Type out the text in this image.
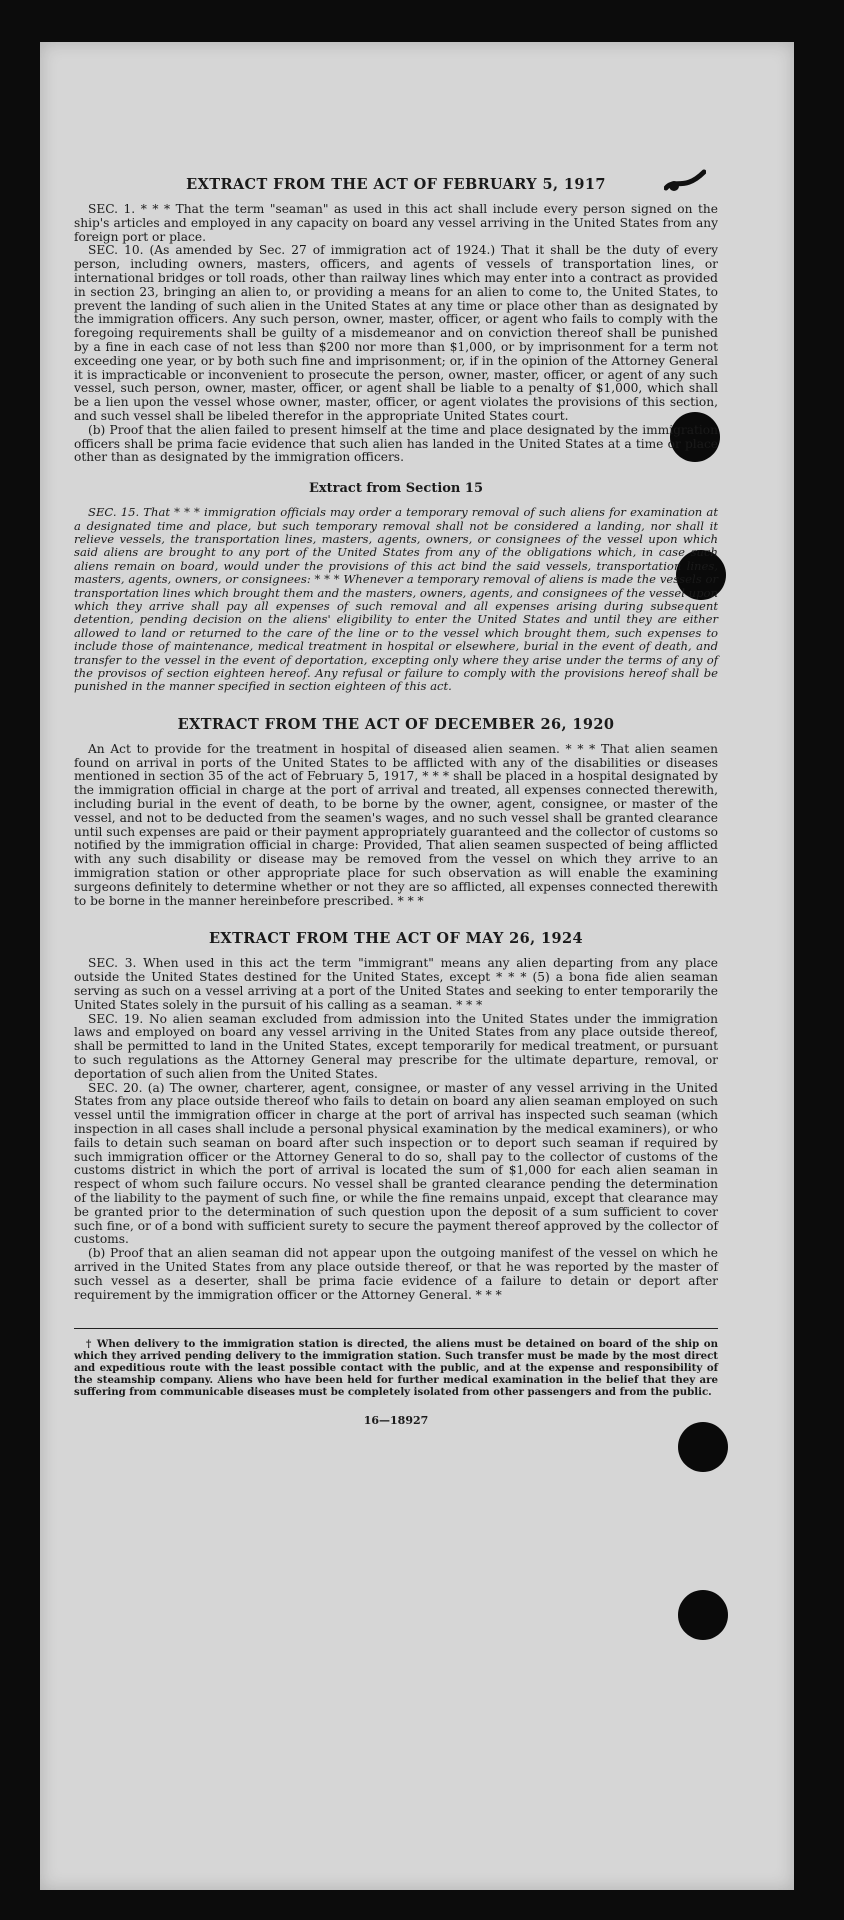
EXTRACT FROM THE ACT OF FEBRUARY 5, 1917

SEC. 1. * * * That the term "seaman" as used in this act shall include every person signed on the ship's articles and employed in any capacity on board any vessel arriving in the United States from any foreign port or place.

SEC. 10. (As amended by Sec. 27 of immigration act of 1924.) That it shall be the duty of every person, including owners, masters, officers, and agents of vessels of transportation lines, or international bridges or toll roads, other than railway lines which may enter into a contract as provided in section 23, bringing an alien to, or providing a means for an alien to come to, the United States, to prevent the landing of such alien in the United States at any time or place other than as designated by the immigration officers. Any such person, owner, master, officer, or agent who fails to comply with the foregoing requirements shall be guilty of a misdemeanor and on conviction thereof shall be punished by a fine in each case of not less than $200 nor more than $1,000, or by imprisonment for a term not exceeding one year, or by both such fine and imprisonment; or, if in the opinion of the Attorney General it is impracticable or inconvenient to prosecute the person, owner, master, officer, or agent of any such vessel, such person, owner, master, officer, or agent shall be liable to a penalty of $1,000, which shall be a lien upon the vessel whose owner, master, officer, or agent violates the provisions of this section, and such vessel shall be libeled therefor in the appropriate United States court.

(b) Proof that the alien failed to present himself at the time and place designated by the immigration officers shall be prima facie evidence that such alien has landed in the United States at a time or place other than as designated by the immigration officers.

Extract from Section 15

SEC. 15. That * * * immigration officials may order a temporary removal of such aliens for examination at a designated time and place, but such temporary removal shall not be considered a landing, nor shall it relieve vessels, the transportation lines, masters, agents, owners, or consignees of the vessel upon which said aliens are brought to any port of the United States from any of the obligations which, in case such aliens remain on board, would under the provisions of this act bind the said vessels, transportation lines, masters, agents, owners, or consignees: * * * Whenever a temporary removal of aliens is made the vessels or transportation lines which brought them and the masters, owners, agents, and consignees of the vessel upon which they arrive shall pay all expenses of such removal and all expenses arising during subsequent detention, pending decision on the aliens' eligibility to enter the United States and until they are either allowed to land or returned to the care of the line or to the vessel which brought them, such expenses to include those of maintenance, medical treatment in hospital or elsewhere, burial in the event of death, and transfer to the vessel in the event of deportation, excepting only where they arise under the terms of any of the provisos of section eighteen hereof. Any refusal or failure to comply with the provisions hereof shall be punished in the manner specified in section eighteen of this act.

EXTRACT FROM THE ACT OF DECEMBER 26, 1920

An Act to provide for the treatment in hospital of diseased alien seamen. * * * That alien seamen found on arrival in ports of the United States to be afflicted with any of the disabilities or diseases mentioned in section 35 of the act of February 5, 1917, * * * shall be placed in a hospital designated by the immigration official in charge at the port of arrival and treated, all expenses connected therewith, including burial in the event of death, to be borne by the owner, agent, consignee, or master of the vessel, and not to be deducted from the seamen's wages, and no such vessel shall be granted clearance until such expenses are paid or their payment appropriately guaranteed and the collector of customs so notified by the immigration official in charge: Provided, That alien seamen suspected of being afflicted with any such disability or disease may be removed from the vessel on which they arrive to an immigration station or other appropriate place for such observation as will enable the examining surgeons definitely to determine whether or not they are so afflicted, all expenses connected therewith to be borne in the manner hereinbefore prescribed. * * *

EXTRACT FROM THE ACT OF MAY 26, 1924

SEC. 3. When used in this act the term "immigrant" means any alien departing from any place outside the United States destined for the United States, except * * * (5) a bona fide alien seaman serving as such on a vessel arriving at a port of the United States and seeking to enter temporarily the United States solely in the pursuit of his calling as a seaman. * * *

SEC. 19. No alien seaman excluded from admission into the United States under the immigration laws and employed on board any vessel arriving in the United States from any place outside thereof, shall be permitted to land in the United States, except temporarily for medical treatment, or pursuant to such regulations as the Attorney General may prescribe for the ultimate departure, removal, or deportation of such alien from the United States.

SEC. 20. (a) The owner, charterer, agent, consignee, or master of any vessel arriving in the United States from any place outside thereof who fails to detain on board any alien seaman employed on such vessel until the immigration officer in charge at the port of arrival has inspected such seaman (which inspection in all cases shall include a personal physical examination by the medical examiners), or who fails to detain such seaman on board after such inspection or to deport such seaman if required by such immigration officer or the Attorney General to do so, shall pay to the collector of customs of the customs district in which the port of arrival is located the sum of $1,000 for each alien seaman in respect of whom such failure occurs. No vessel shall be granted clearance pending the determination of the liability to the payment of such fine, or while the fine remains unpaid, except that clearance may be granted prior to the determination of such question upon the deposit of a sum sufficient to cover such fine, or of a bond with sufficient surety to secure the payment thereof approved by the collector of customs.

(b) Proof that an alien seaman did not appear upon the outgoing manifest of the vessel on which he arrived in the United States from any place outside thereof, or that he was reported by the master of such vessel as a deserter, shall be prima facie evidence of a failure to detain or deport after requirement by the immigration officer or the Attorney General. * * *

† When delivery to the immigration station is directed, the aliens must be detained on board of the ship on which they arrived pending delivery to the immigration station. Such transfer must be made by the most direct and expeditious route with the least possible contact with the public, and at the expense and responsibility of the steamship company. Aliens who have been held for further medical examination in the belief that they are suffering from communicable diseases must be completely isolated from other passengers and from the public.

16—18927
